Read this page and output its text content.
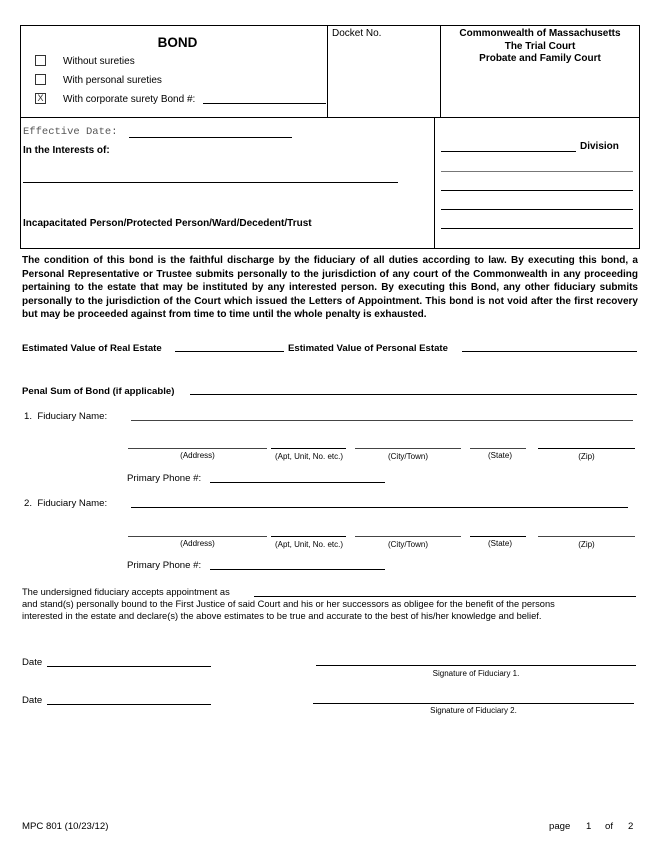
BOND
Without sureties
With personal sureties
X With corporate surety Bond #:
Docket No.	Commonwealth of Massachusetts
The Trial Court
Probate and Family Court
Effective Date:
In the Interests of:
Incapacitated Person/Protected Person/Ward/Decedent/Trust
Division
The condition of this bond is the faithful discharge by the fiduciary of all duties according to law. By executing this bond, a Personal Representative or Trustee submits personally to the jurisdiction of any court of the Commonwealth in any proceeding pertaining to the estate that may be instituted by any interested person. By executing this Bond, any other fiduciary submits personally to the jurisdiction of the Court which issued the Letters of Appointment. This bond is not void after the first recovery but may be proceeded against from time to time until the whole penalty is exhausted.
Estimated Value of Real Estate	Estimated Value of Personal Estate
Penal Sum of Bond (if applicable)
1.  Fiduciary Name:
(Address)	(Apt, Unit, No. etc.)	(City/Town)	(State)	(Zip)
Primary Phone #:
2.  Fiduciary Name:
(Address)	(Apt, Unit, No. etc.)	(City/Town)	(State)	(Zip)
Primary Phone #:
The undersigned fiduciary accepts appointment as
and stand(s) personally bound to the First Justice of said Court and his or her successors as obligee for the benefit of the persons
interested in the estate and declare(s) the above estimates to be true and accurate to the best of his/her knowledge and belief.
Date
Signature of Fiduciary 1.
Date
Signature of Fiduciary 2.
MPC 801 (10/23/12)	page 1 of 2
